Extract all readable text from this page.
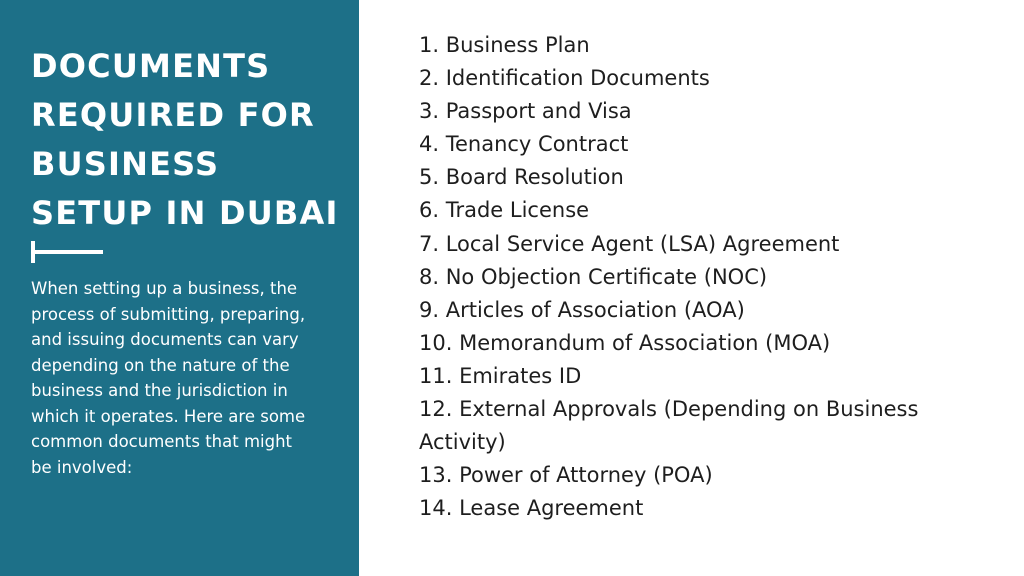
DOCUMENTS REQUIRED FOR BUSINESS SETUP IN DUBAI

When setting up a business, the process of submitting, preparing, and issuing documents can vary depending on the nature of the business and the jurisdiction in which it operates. Here are some common documents that might be involved:

1. Business Plan
2. Identification Documents
3. Passport and Visa
4. Tenancy Contract
5. Board Resolution
6. Trade License
7. Local Service Agent (LSA) Agreement
8. No Objection Certificate (NOC)
9. Articles of Association (AOA)
10. Memorandum of Association (MOA)
11. Emirates ID
12. External Approvals (Depending on Business Activity)
13. Power of Attorney (POA)
14. Lease Agreement
